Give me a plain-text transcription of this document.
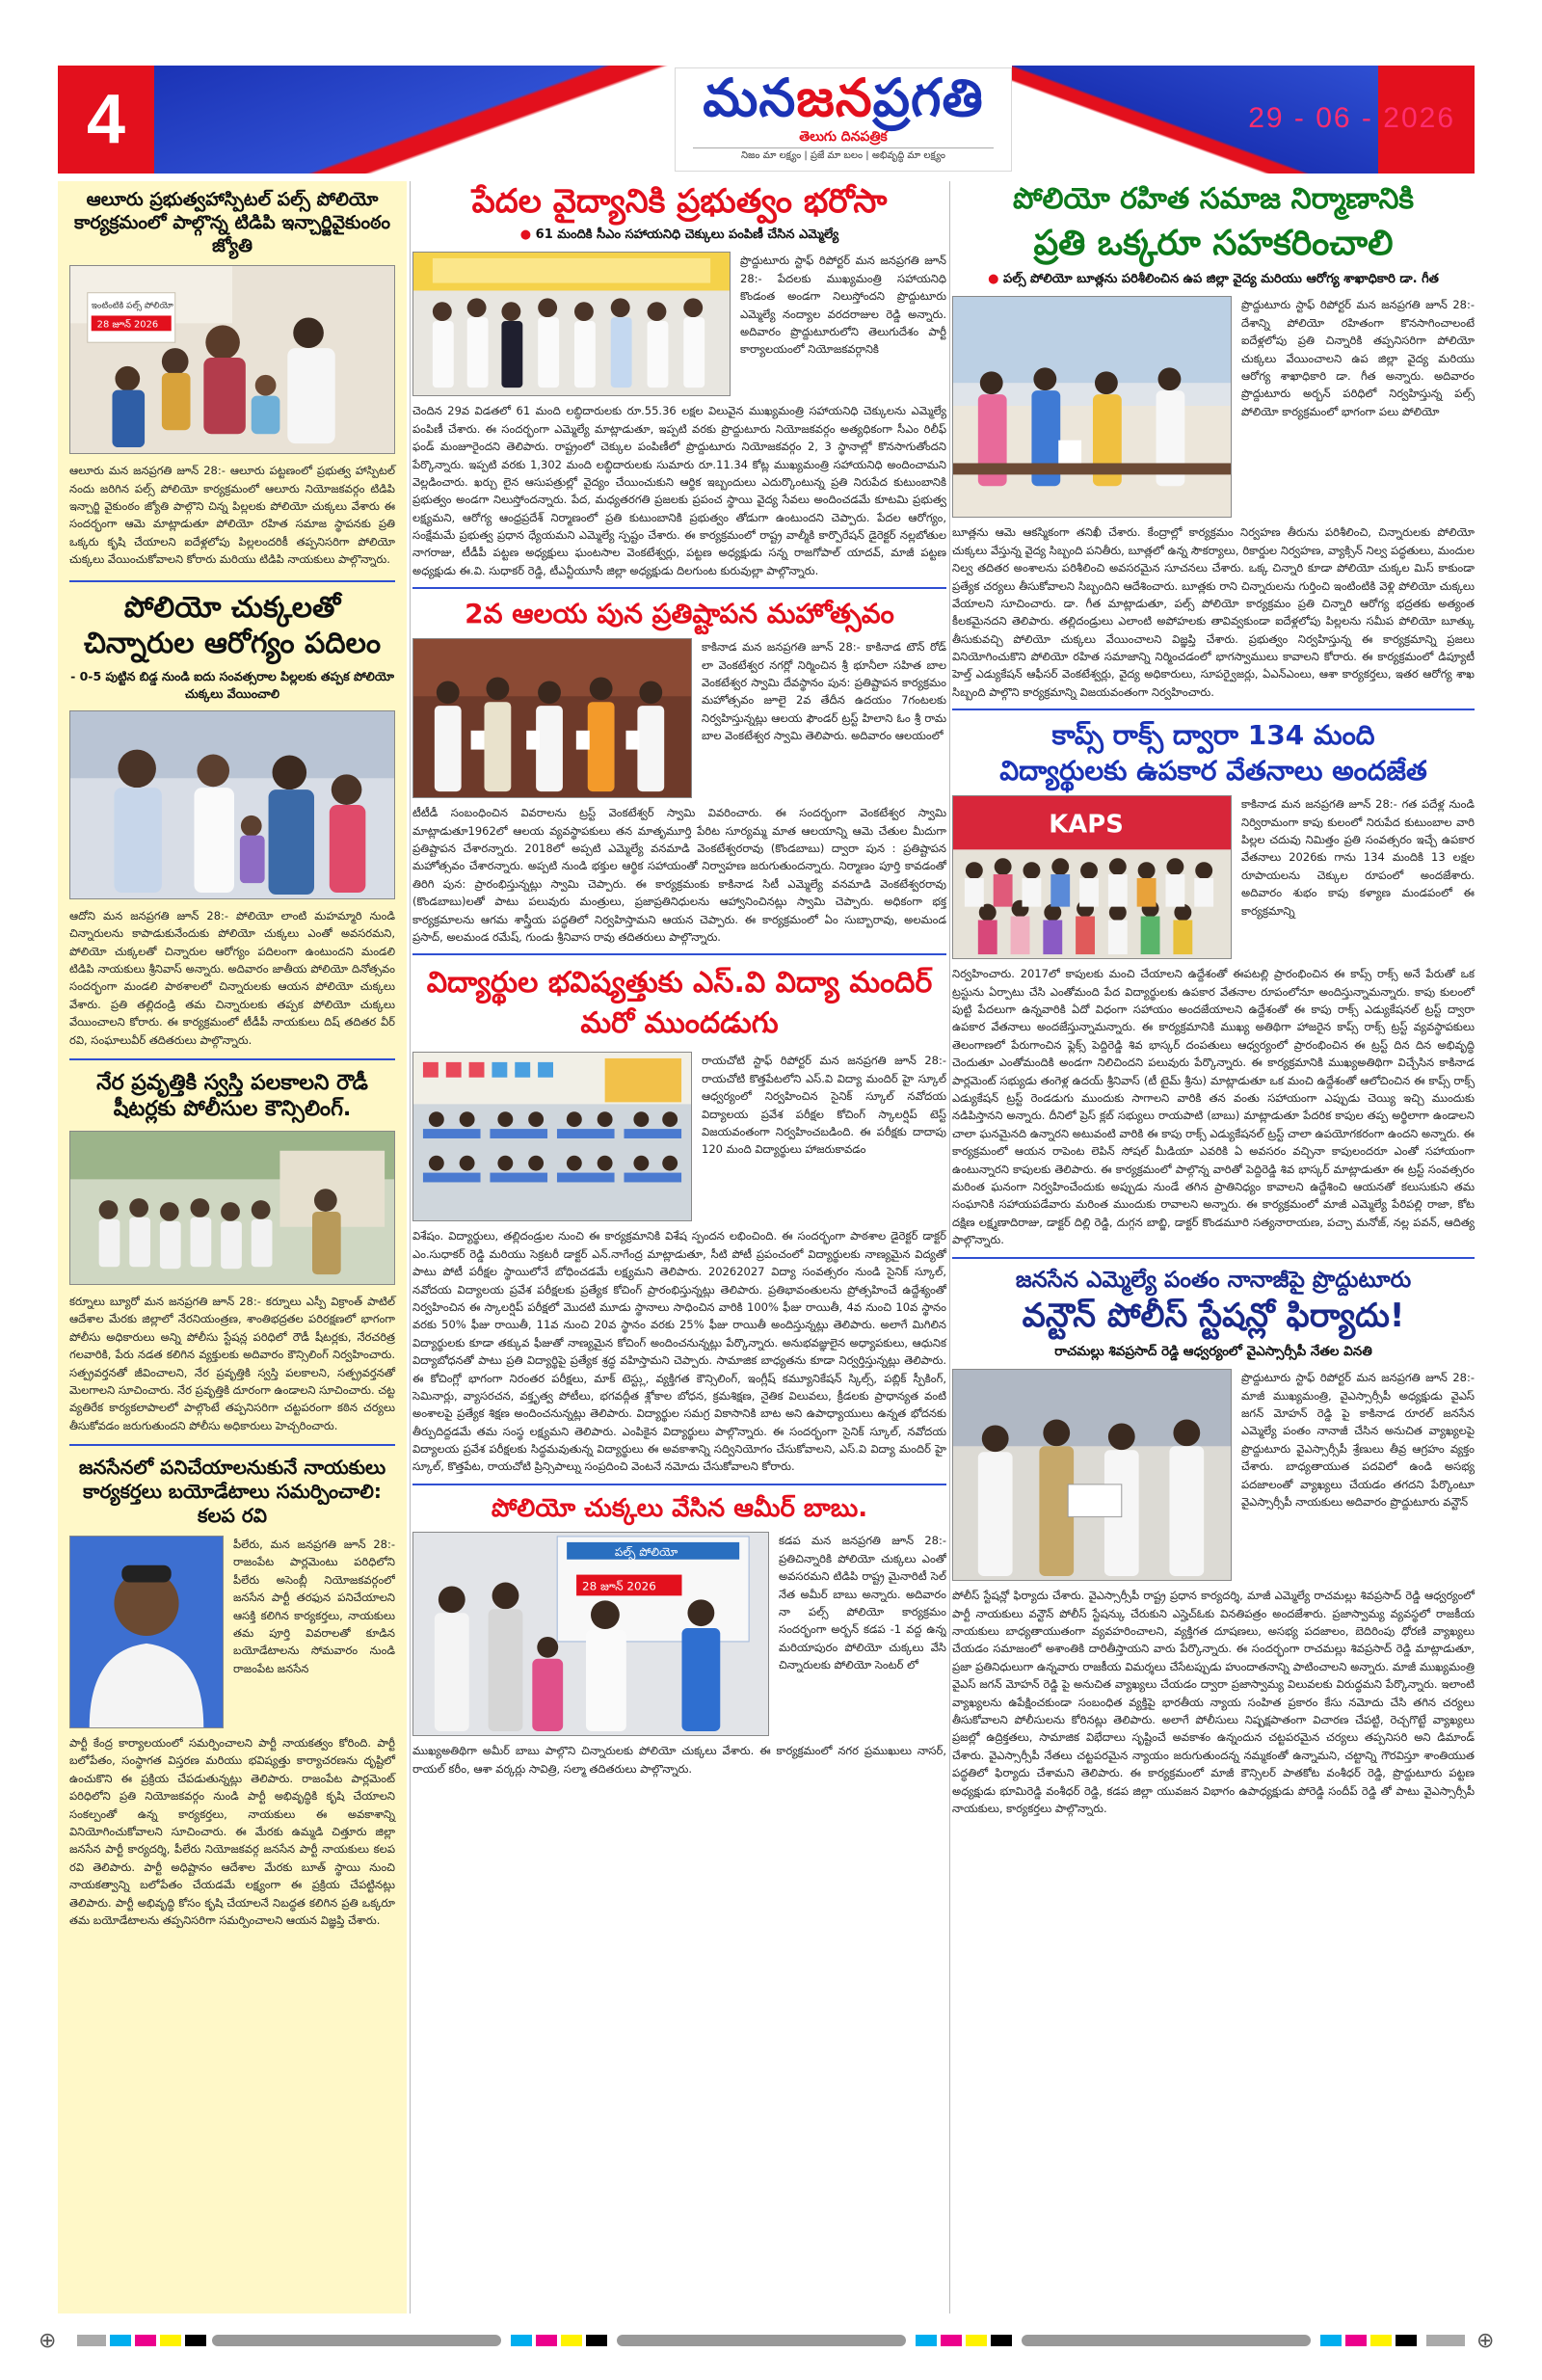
4	మనజనప్రగతి
తెలుగు దినపత్రిక
నిజం మా లక్ష్యం | ప్రజే మా బలం | అభివృద్ధి మా లక్ష్యం
29 - 06 - 2026
ఆలూరు ప్రభుత్వహాస్పిటల్ పల్స్ పోలియో కార్యక్రమంలో పాల్గొన్న టిడిపి ఇన్చార్జివైకుంఠం జ్యోతి
ఇంటింటికి పల్స్ పోలియో
28 జూన్ 2026
ఆలూరు మన జనప్రగతి జూన్ 28:- ఆలూరు పట్టణంలో ప్రభుత్వ హాస్పిటల్ నందు జరిగిన పల్స్ పోలియో కార్యక్రమంలో ఆలూరు నియోజకవర్గం టిడిపి ఇన్చార్జి వైకుంఠం జ్యోతి పాల్గొని చిన్న పిల్లలకు పోలియో చుక్కలు వేశారు ఈ సందర్భంగా ఆమె మాట్లాడుతూ పోలియో రహిత సమాజ స్థాపనకు ప్రతి ఒక్కరు కృషి చేయాలని ఐదేళ్లలోపు పిల్లలందరికీ తప్పనిసరిగా పోలియో చుక్కలు వేయించుకోవాలని కోరారు మరియు టిడిపి నాయకులు పాల్గొన్నారు.
పోలియో చుక్కలతో చిన్నారుల ఆరోగ్యం పదిలం
- 0-5 పుట్టిన బిడ్డ నుండి ఐదు సంవత్సరాల పిల్లలకు తప్పక పోలియో చుక్కలు వేయించాలి
ఆదోని మన జనప్రగతి జూన్ 28:- పోలియో లాంటి మహమ్మారి నుండి చిన్నారులను కాపాడుకునేందుకు పోలియో చుక్కలు ఎంతో అవసరమని, పోలియో చుక్కలతో చిన్నారుల ఆరోగ్యం పదిలంగా ఉంటుందని మండలి టిడిపి నాయకులు శ్రీనివాస్ అన్నారు. అదివారం జాతీయ పోలియో దినోత్సవం సందర్భంగా మండలి పాఠశాలలో చిన్నారులకు ఆయన పోలియో చుక్కలు వేశారు. ప్రతి తల్లిదండ్రి తమ చిన్నారులకు తప్పక పోలియో చుక్కలు వేయించాలని కోరారు. ఈ కార్యక్రమంలో టీడీపీ నాయకులు దిష్ తదితర వీర్ రవి, సంఘాలువీర్ తదితరులు పాల్గొన్నారు.
నేర ప్రవృత్తికి స్వస్తి పలకాలని రౌడీ షీటర్లకు పోలీసుల కౌన్సిలింగ్.
కర్నూలు బ్యూరో మన జనప్రగతి జూన్ 28:- కర్నూలు ఎస్పీ విక్రాంత్ పాటిల్ ఆదేశాల మేరకు జిల్లాలో నేరనియంత్రణ, శాంతిభద్రతల పరిరక్షణలో భాగంగా పోలీసు అధికారులు అన్ని పోలీసు స్టేషన్ల పరిధిలో రౌడీ షీటర్లకు, నేరచరిత్ర గలవారికి, పేరు నడత కలిగిన వ్యక్తులకు అదివారం కౌన్సిలింగ్ నిర్వహించారు. సత్ప్రవర్తనతో జీవించాలని, నేర ప్రవృత్తికి స్వస్తి పలకాలని, సత్ప్రవర్తనతో మెలగాలని సూచించారు. నేర ప్రవృత్తికి దూరంగా ఉండాలని సూచించారు. చట్ట వ్యతిరేక కార్యకలాపాలలో పాల్గొంటే తప్పనిసరిగా చట్టపరంగా కఠిన చర్యలు తీసుకోవడం జరుగుతుందని పోలీసు అధికారులు హెచ్చరించారు.
జనసేనలో పనిచేయాలనుకునే నాయకులు కార్యకర్తలు బయోడేటాలు సమర్పించాలి: కలప రవి
పీలేరు, మన జనప్రగతి జూన్ 28:- రాజంపేట పార్లమెంటు పరిధిలోని పీలేరు అసెంబ్లీ నియోజకవర్గంలో జనసేన పార్టీ తరఫున పనిచేయాలని ఆసక్తి కలిగిన కార్యకర్తలు, నాయకులు తమ పూర్తి వివరాలతో కూడిన బయోడేటాలను సోమవారం నుండి రాజంపేట జనసేన
పార్టీ కేంద్ర కార్యాలయంలో సమర్పించాలని పార్టీ నాయకత్వం కోరింది. పార్టీ బలోపేతం, సంస్థాగత విస్తరణ మరియు భవిష్యత్తు కార్యాచరణను దృష్టిలో ఉంచుకొని ఈ ప్రక్రియ చేపడుతున్నట్లు తెలిపారు. రాజంపేట పార్లమెంట్ పరిధిలోని ప్రతి నియోజకవర్గం నుండి పార్టీ అభివృద్ధికి కృషి చేయాలని సంకల్పంతో ఉన్న కార్యకర్తలు, నాయకులు ఈ అవకాశాన్ని వినియోగించుకోవాలని సూచించారు. ఈ మేరకు ఉమ్మడి చిత్తూరు జిల్లా జనసేన పార్టీ కార్యదర్శి, పీలేరు నియోజకవర్గ జనసేన పార్టీ నాయకులు కలప రవి తెలిపారు. పార్టీ అధిష్టానం ఆదేశాల మేరకు బూత్ స్థాయి నుంచి నాయకత్వాన్ని బలోపేతం చేయడమే లక్ష్యంగా ఈ ప్రక్రియ చేపట్టినట్లు తెలిపారు. పార్టీ అభివృద్ధి కోసం కృషి చేయాలనే నిబద్ధత కలిగిన ప్రతి ఒక్కరూ తమ బయోడేటాలను తప్పనిసరిగా సమర్పించాలని ఆయన విజ్ఞప్తి చేశారు.
పేదల వైద్యానికి ప్రభుత్వం భరోసా
● 61 మందికి సీఎం సహాయనిధి చెక్కులు పంపిణీ చేసిన ఎమ్మెల్యే
ప్రొద్దుటూరు స్టాఫ్ రిపోర్టర్ మన జనప్రగతి జూన్ 28:- పేదలకు ముఖ్యమంత్రి సహాయనిధి కొండంత అండగా నిలుస్తోందని ప్రొద్దుటూరు ఎమ్మెల్యే నంద్యాల వరదరాజుల రెడ్డి అన్నారు. అదివారం ప్రొద్దుటూరులోని తెలుగుదేశం పార్టీ కార్యాలయంలో నియోజకవర్గానికి
చెందిన 29వ విడతలో 61 మంది లబ్ధిదారులకు రూ.55.36 లక్షల విలువైన ముఖ్యమంత్రి సహాయనిధి చెక్కులను ఎమ్మెల్యే పంపిణీ చేశారు. ఈ సందర్భంగా ఎమ్మెల్యే మాట్లాడుతూ, ఇప్పటి వరకు ప్రొద్దుటూరు నియోజకవర్గం అత్యధికంగా సీఎం రిలీఫ్ ఫండ్ మంజూరైందని తెలిపారు. రాష్ట్రంలో చెక్కుల పంపిణీలో ప్రొద్దుటూరు నియోజకవర్గం 2, 3 స్థానాల్లో కొనసాగుతోందని పేర్కొన్నారు. ఇప్పటి వరకు 1,302 మంది లబ్ధిదారులకు సుమారు రూ.11.34 కోట్ల ముఖ్యమంత్రి సహాయనిధి అందించామని వెల్లడించారు. ఖర్చు లైన ఆసుపత్రుల్లో వైద్యం చేయించుకుని ఆర్థిక ఇబ్బందులు ఎదుర్కొంటున్న ప్రతి నిరుపేద కుటుంబానికి ప్రభుత్వం అండగా నిలుస్తోందన్నారు. పేద, మధ్యతరగతి ప్రజలకు ప్రపంచ స్థాయి వైద్య సేవలు అందించడమే కూటమి ప్రభుత్వ లక్ష్యమని, ఆరోగ్య ఆంధ్రప్రదేశ్ నిర్మాణంలో ప్రతి కుటుంబానికి ప్రభుత్వం తోడుగా ఉంటుందని చెప్పారు. పేదల ఆరోగ్యం, సంక్షేమమే ప్రభుత్వ ప్రధాన ధ్యేయమని ఎమ్మెల్యే స్పష్టం చేశారు. ఈ కార్యక్రమంలో రాష్ట్ర వాల్మీకి కార్పొరేషన్ డైరెక్టర్ నల్లబోతుల నాగరాజు, టీడీపీ పట్టణ అధ్యక్షులు ఘంటసాల వెంకటేశ్వర్లు, పట్టణ అధ్యక్షుడు సన్న రాజగోపాల్ యాదవ్, మాజీ పట్టణ అధ్యక్షుడు ఈ.వి. సుధాకర్ రెడ్డి, టీఎన్టీయూసీ జిల్లా అధ్యక్షుడు దిలగుంట కురువుల్లా పాల్గొన్నారు.
2వ ఆలయ పున ప్రతిష్టాపన మహోత్సవం
కాకినాడ మన జనప్రగతి జూన్ 28:- కాకినాడ టౌన్ రోడ్ లా వెంకటేశ్వర నగర్లో నిర్మించిన శ్రీ భూనీలా సహిత బాల వెంకటేశ్వర స్వామి దేవస్థానం పున: ప్రతిష్టాపన కార్యక్రమం మహోత్సవం జూలై 2వ తేదీన ఉదయం 7గంటలకు నిర్వహిస్తున్నట్లు ఆలయ ఫౌండర్ ట్రస్ట్ హిలాని ఓం శ్రీ రామ బాల వెంకటేశ్వర స్వామి తెలిపారు. అదివారం ఆలయంలో
టీటీడీ సంబంధించిన వివరాలను ట్రస్ట్ వెంకటేశ్వర్ స్వామి వివరించారు. ఈ సందర్భంగా వెంకటేశ్వర స్వామి మాట్లాడుతూ1962లో ఆలయ వ్యవస్థాపకులు తన మాతృమూర్తి పేరిట సూర్యమ్మ మాత ఆలయాన్ని ఆమె చేతుల మీదుగా ప్రతిష్టాపన చేశారన్నారు. 2018లో అప్పటి ఎమ్మెల్యే వనమాడి వెంకటేశ్వరరావు (కొండబాబు) ద్వారా పున : ప్రతిష్టాపన మహోత్సవం చేశారన్నారు. అప్పటి నుండి భక్తుల ఆర్థిక సహాయంతో నిర్వాహణ జరుగుతుందన్నారు. నిర్మాణం పూర్తి కావడంతో తిరిగి పున: ప్రారంభిస్తున్నట్లు స్వామి చెప్పారు. ఈ కార్యక్రమంకు కాకినాడ సిటీ ఎమ్మెల్యే వనమాడి వెంకటేశ్వరరావు (కొండబాబు)లతో పాటు పలువురు మంత్రులు, ప్రజాప్రతినిధులను ఆహ్వానించినట్లు స్వామి చెప్పారు. అధికంగా భక్త కార్యక్రమాలను ఆగమ శాస్త్రీయ పద్ధతిలో నిర్వహిస్తామని ఆయన చెప్పారు. ఈ కార్యక్రమంలో ఏం సుబ్బారావు, అలమండ ప్రసాద్, అలమండ రమేష్, గుండు శ్రీనివాస రావు తదితరులు పాల్గొన్నారు.
విద్యార్థుల భవిష్యత్తుకు ఎస్.వి విద్యా మందిర్ మరో ముందడుగు
రాయచోటి స్టాఫ్ రిపోర్టర్ మన జనప్రగతి జూన్ 28:- రాయచోటి కొత్తపేటలోని ఎస్.వి విద్యా మందిర్ హై స్కూల్ ఆధ్వర్యంలో నిర్వహించిన సైనిక్ స్కూల్ నవోదయ విద్యాలయ ప్రవేశ పరీక్షల కోచింగ్ స్కాలర్షిప్ టెస్ట్ విజయవంతంగా నిర్వహించబడింది. ఈ పరీక్షకు దాదాపు 120 మంది విద్యార్థులు హాజరుకావడం
విశేషం. విద్యార్థులు, తల్లిదండ్రుల నుంచి ఈ కార్యక్రమానికి విశేష స్పందన లభించింది. ఈ సందర్భంగా పాఠశాల డైరెక్టర్ డాక్టర్ ఎం.సుధాకర్ రెడ్డి మరియు సెక్రటరీ డాక్టర్ ఎన్.నాగేంద్ర మాట్లాడుతూ, సీటి పోటీ ప్రపంచంలో విద్యార్థులకు నాణ్యమైన విద్యతో పాటు పోటీ పరీక్షల స్థాయిలోనే బోధించడమే లక్ష్యమని తెలిపారు. 20262027 విద్యా సంవత్సరం నుండి సైనిక్ స్కూల్, నవోదయ విద్యాలయ ప్రవేశ పరీక్షలకు ప్రత్యేక కోచింగ్ ప్రారంభిస్తున్నట్లు తెలిపారు. ప్రతిభావంతులను ప్రోత్సహించే ఉద్దేశ్యంతో నిర్వహించిన ఈ స్కాలర్షిప్ పరీక్షలో మొదటి మూడు స్థానాలు సాధించిన వారికి 100% ఫీజు రాయితీ, 4వ నుంచి 10వ స్థానం వరకు 50% ఫీజు రాయితీ, 11వ నుంచి 20వ స్థానం వరకు 25% ఫీజు రాయితీ అందిస్తున్నట్లు తెలిపారు. అలాగే మిగిలిన విద్యార్థులకు కూడా తక్కువ ఫీజుతో నాణ్యమైన కోచింగ్ అందించనున్నట్లు పేర్కొన్నారు. అనుభవజ్ఞులైన అధ్యాపకులు, ఆధునిక విద్యాబోధనతో పాటు ప్రతి విద్యార్థిపై ప్రత్యేక శ్రద్ధ వహిస్తామని చెప్పారు. సామాజిక బాధ్యతను కూడా నిర్వర్తిస్తున్నట్లు తెలిపారు. ఈ కోచింగ్లో భాగంగా నిరంతర పరీక్షలు, మాక్ టెస్ట్లు, వ్యక్తిగత కౌన్సిలింగ్, ఇంగ్లీష్ కమ్యూనికేషన్ స్కిల్స్, పబ్లిక్ స్పీకింగ్, సెమినార్లు, వ్యాసరచన, వక్తృత్వ పోటీలు, భగవద్గీత శ్లోకాల బోధన, క్రమశిక్షణ, నైతిక విలువలు, క్రీడలకు ప్రాధాన్యత వంటి అంశాలపై ప్రత్యేక శిక్షణ అందించనున్నట్లు తెలిపారు. విద్యార్థుల సమగ్ర వికాసానికి బాట అని ఉపాధ్యాయులు ఉన్నత భోదనకు తీర్పుదిద్దడమే తమ సంస్థ లక్ష్యమని తెలిపారు. ఎంపికైన విద్యార్థులు పాల్గొన్నారు. ఈ సందర్భంగా సైనిక్ స్కూల్, నవోదయ విద్యాలయ ప్రవేశ పరీక్షలకు సిద్ధమవుతున్న విద్యార్థులు ఈ అవకాశాన్ని సద్వినియోగం చేసుకోవాలని, ఎస్.వి విద్యా మందిర్ హై స్కూల్, కొత్తపేట, రాయచోటి ప్రిన్సిపాల్ను సంప్రదించి వెంటనే నమోదు చేసుకోవాలని కోరారు.
పోలియో చుక్కలు వేసిన ఆమీర్ బాబు.
పల్స్ పోలియో
28 జూన్ 2026
కడప మన జనప్రగతి జూన్ 28:- ప్రతిచిన్నారికి పోలియో చుక్కలు ఎంతో అవసరమని టిడిపి రాష్ట్ర మైనారిటీ సెల్ నేత అమీర్ బాబు అన్నారు. అదివారం నా పల్స్ పోలియో కార్యక్రమం సందర్భంగా అర్బన్ కడప -1 వద్ద ఉన్న మరియాపురం పోలియో చుక్కలు వేసి చిన్నారులకు పోలియో సెంటర్ లో
ముఖ్యఅతిథిగా అమీర్ బాబు పాల్గొని చిన్నారులకు పోలియో చుక్కలు వేశారు. ఈ కార్యక్రమంలో నగర ప్రముఖులు నాసర్, రాయల్ కరీం, ఆశా వర్కర్లు సావిత్రి, సల్మా తదితరులు పాల్గొన్నారు.
పోలియో రహిత సమాజ నిర్మాణానికి
ప్రతి ఒక్కరూ సహకరించాలి
● పల్స్ పోలియో బూత్లను పరిశీలించిన ఉప జిల్లా వైద్య మరియు ఆరోగ్య శాఖాధికారి డా. గీత
ప్రొద్దుటూరు స్టాఫ్ రిపోర్టర్ మన జనప్రగతి జూన్ 28:- దేశాన్ని పోలియో రహితంగా కొనసాగించాలంటే ఐదేళ్లలోపు ప్రతి చిన్నారికి తప్పనిసరిగా పోలియో చుక్కలు వేయించాలని ఉప జిల్లా వైద్య మరియు ఆరోగ్య శాఖాధికారి డా. గీత అన్నారు. అదివారం ప్రొద్దుటూరు అర్బన్ పరిధిలో నిర్వహిస్తున్న పల్స్ పోలియో కార్యక్రమంలో భాగంగా పలు పోలియో
బూత్లను ఆమె ఆకస్మికంగా తనిఖీ చేశారు. కేంద్రాల్లో కార్యక్రమం నిర్వహణ తీరును పరిశీలించి, చిన్నారులకు పోలియో చుక్కలు వేస్తున్న వైద్య సిబ్బంది పనితీరు, బూత్లలో ఉన్న సౌకర్యాలు, రికార్డుల నిర్వహణ, వ్యాక్సిన్ నిల్వ పద్ధతులు, మందుల నిల్వ తదితర అంశాలను పరిశీలించి అవసరమైన సూచనలు చేశారు. ఒక్క చిన్నారి కూడా పోలియో చుక్కల మిస్ కాకుండా ప్రత్యేక చర్యలు తీసుకోవాలని సిబ్బందిని ఆదేశించారు. బూత్లకు రాని చిన్నారులను గుర్తించి ఇంటింటికి వెళ్లి పోలియో చుక్కలు వేయాలని సూచించారు. డా. గీత మాట్లాడుతూ, పల్స్ పోలియో కార్యక్రమం ప్రతి చిన్నారి ఆరోగ్య భద్రతకు అత్యంత కీలకమైనదని తెలిపారు. తల్లిదండ్రులు ఎలాంటి అపోహలకు తావివ్వకుండా ఐదేళ్లలోపు పిల్లలను సమీప పోలియో బూత్కు తీసుకువచ్చి పోలియో చుక్కలు వేయించాలని విజ్ఞప్తి చేశారు. ప్రభుత్వం నిర్వహిస్తున్న ఈ కార్యక్రమాన్ని ప్రజలు వినియోగించుకొని పోలియో రహిత సమాజాన్ని నిర్మించడంలో భాగస్వాములు కావాలని కోరారు. ఈ కార్యక్రమంలో డిప్యూటీ హెల్త్ ఎడ్యుకేషన్ ఆఫీసర్ వెంకటేశ్వర్లు, వైద్య అధికారులు, సూపర్వైజర్లు, ఏఎన్ఎంలు, ఆశా కార్యకర్తలు, ఇతర ఆరోగ్య శాఖ సిబ్బంది పాల్గొని కార్యక్రమాన్ని విజయవంతంగా నిర్వహించారు.
కాప్స్ రాక్స్ ద్వారా 134 మంది
విద్యార్థులకు ఉపకార వేతనాలు అందజేత
KAPS
కాకినాడ మన జనప్రగతి జూన్ 28:- గత పదేళ్ల నుండి నిర్విరామంగా కాపు కులంలో నిరుపేద కుటుంబాల వారి పిల్లల చదువు నిమిత్తం ప్రతి సంవత్సరం ఇచ్చే ఉపకార వేతనాలు 2026కు గాను 134 మందికి 13 లక్షల రూపాయలను చెక్కుల రూపంలో అందజేశారు. అదివారం శుభం కాపు కళ్యాణ మండపంలో ఈ కార్యక్రమాన్ని
నిర్వహించారు. 2017లో కాపులకు మంచి చేయాలని ఉద్దేశంతో ఈపటల్లి ప్రారంభించిన ఈ కాప్స్ రాక్స్ అనే పేరుతో ఒక ట్రస్టును ఏర్పాటు చేసి ఎంతోమంది పేద విద్యార్థులకు ఉపకార వేతనాల రూపంలోనూ అందిస్తున్నామన్నారు. కాపు కులంలో పుట్టి పేదలుగా ఉన్నవారికి ఏదో విధంగా సహాయం అందజేయాలని ఉద్దేశంతో ఈ కాపు రాక్స్ ఎడ్యుకేషనల్ ట్రస్ట్ ద్వారా ఉపకార వేతనాలు అందజేస్తున్నామన్నారు. ఈ కార్యక్రమానికి ముఖ్య అతిథిగా హాజరైన కాప్స్ రాక్స్ ట్రస్ట్ వ్యవస్థాపకులు తెలంగాణలో పేరుగాంచిన ఫ్లెక్స్ పెద్దిరెడ్డి శివ భాస్కర్ దంపతులు ఆధ్వర్యంలో ప్రారంభించిన ఈ ట్రస్ట్ దిన దిన అభివృద్ధి చెందుతూ ఎంతోమందికి అండగా నిలిచిందని పలువురు పేర్కొన్నారు. ఈ కార్యక్రమానికి ముఖ్యఅతిథిగా విచ్చేసిన కాకినాడ పార్లమెంట్ సభ్యుడు తంగెళ్ల ఉదయ్ శ్రీనివాస్ (టీ టైమ్ శ్రీను) మాట్లాడుతూ ఒక మంచి ఉద్దేశంతో ఆలోచించిన ఈ కాప్స్ రాక్స్ ఎడ్యుకేషన్ ట్రస్ట్ రెండడుగు ముందుకు సాగాలని వారికి తన వంతు సహాయంగా ఎప్పుడు చెయ్యి ఇచ్చి ముందుకు నడిపిస్తానని అన్నారు. దీనిలో ప్రెస్ క్లబ్ సభ్యులు రాయపాటి (బాబు) మాట్లాడుతూ పేదరిక కాపుల తప్ప అర్థిలాగా ఉండాలని చాలా ఘనమైనది ఉన్నారని అటువంటి వారికి ఈ కాపు రాక్స్ ఎడ్యుకేషనల్ ట్రస్ట్ చాలా ఉపయోగకరంగా ఉందని అన్నారు. ఈ కార్యక్రమంలో ఆయన రాపెంట లెపిన్ సోషల్ మీడియా ఎవరికి ఏ అవసరం వచ్చినా కాపులందరూ ఎంతో సహాయంగా ఉంటున్నారని కాపులకు తెలిపారు. ఈ కార్యక్రమంలో పాల్గొన్న వారితో పెద్దిరెడ్డి శివ భాస్కర్ మాట్లాడుతూ ఈ ట్రస్ట్ సంవత్సరం మరింత ఘనంగా నిర్వహించేందుకు అప్పుడు నుండే తగిన ప్రాతినిధ్యం కావాలని ఉద్దేశించి ఆయనతో కలుసుకుని తమ సంఘానికి సహాయపడేవారు మరింత ముందుకు రావాలని అన్నారు. ఈ కార్యక్రమంలో మాజీ ఎమ్మెల్యే పేరిపల్లి రాజా, కోట దక్షిణ లక్ష్మణాదిరాజు, డాక్టర్ దిల్లి రెడ్డి, దుగ్గన బాబ్జి, డాక్టర్ కొండమూరి సత్యనారాయణ, పచ్చా మనోజ్, నల్ల పవన్, ఆదిత్య పాల్గొన్నారు.
జనసేన ఎమ్మెల్యే పంతం నానాజీపై ప్రొద్దుటూరు
వన్టౌన్ పోలీస్ స్టేషన్లో ఫిర్యాదు!
రాచమల్లు శివప్రసాద్ రెడ్డి ఆధ్వర్యంలో వైఎస్సార్సీపీ నేతల వినతి
ప్రొద్దుటూరు స్టాఫ్ రిపోర్టర్ మన జనప్రగతి జూన్ 28:- మాజీ ముఖ్యమంత్రి, వైఎస్సార్సీపీ అధ్యక్షుడు వైఎస్ జగన్ మోహన్ రెడ్డి పై కాకినాడ రూరల్ జనసేన ఎమ్మెల్యే పంతం నానాజీ చేసిన అనుచిత వ్యాఖ్యలపై ప్రొద్దుటూరు వైఎస్సార్సీపీ శ్రేణులు తీవ్ర ఆగ్రహం వ్యక్తం చేశారు. బాధ్యతాయుత పదవిలో ఉండి అసభ్య పదజాలంతో వ్యాఖ్యలు చేయడం తగదని పేర్కొంటూ వైఎస్సార్సీపీ నాయకులు అదివారం ప్రొద్దుటూరు వన్టౌన్
పోలీస్ స్టేషన్లో ఫిర్యాదు చేశారు. వైఎస్సార్సీపీ రాష్ట్ర ప్రధాన కార్యదర్శి, మాజీ ఎమ్మెల్యే రాచమల్లు శివప్రసాద్ రెడ్డి ఆధ్వర్యంలో పార్టీ నాయకులు వన్టౌన్ పోలీస్ స్టేషన్కు చేరుకుని ఎస్హెచ్ఓకు వినతిపత్రం అందజేశారు. ప్రజాస్వామ్య వ్యవస్థలో రాజకీయ నాయకులు బాధ్యతాయుతంగా వ్యవహరించాలని, వ్యక్తిగత దూషణలు, అసభ్య పదజాలం, బెదిరింపు ధోరణి వ్యాఖ్యలు చేయడం సమాజంలో అశాంతికి దారితీస్తాయని వారు పేర్కొన్నారు. ఈ సందర్భంగా రాచమల్లు శివప్రసాద్ రెడ్డి మాట్లాడుతూ, ప్రజా ప్రతినిధులుగా ఉన్నవారు రాజకీయ విమర్శలు చేసేటప్పుడు హుందాతనాన్ని పాటించాలని అన్నారు. మాజీ ముఖ్యమంత్రి వైఎస్ జగన్ మోహన్ రెడ్డి పై అనుచిత వ్యాఖ్యలు చేయడం ద్వారా ప్రజాస్వామ్య విలువలకు విరుద్ధమని పేర్కొన్నారు. ఇలాంటి వ్యాఖ్యలను ఉపేక్షించకుండా సంబంధిత వ్యక్తిపై భారతీయ న్యాయ సంహిత ప్రకారం కేసు నమోదు చేసి తగిన చర్యలు తీసుకోవాలని పోలీసులను కోరినట్లు తెలిపారు. అలాగే పోలీసులు నిష్పక్షపాతంగా విచారణ చేపట్టి, రెచ్చగొట్టే వ్యాఖ్యలు ప్రజల్లో ఉద్రిక్తతలు, సామాజిక విభేదాలు సృష్టించే అవకాశం ఉన్నందున చట్టపరమైన చర్యలు తప్పనిసరి అని డిమాండ్ చేశారు. వైఎస్సార్సీపీ నేతలు చట్టపరమైన న్యాయం జరుగుతుందన్న నమ్మకంతో ఉన్నామని, చట్టాన్ని గౌరవిస్తూ శాంతియుత పద్ధతిలో ఫిర్యాదు చేశామని తెలిపారు. ఈ కార్యక్రమంలో మాజీ కౌన్సిలర్ పాతకోట వంశీధర్ రెడ్డి, ప్రొద్దుటూరు పట్టణ అధ్యక్షుడు భూమిరెడ్డి వంశీధర్ రెడ్డి, కడప జిల్లా యువజన విభాగం ఉపాధ్యక్షుడు పోరెడ్డి సందీప్ రెడ్డి తో పాటు వైఎస్సార్సీపీ నాయకులు, కార్యకర్తలు పాల్గొన్నారు.
⊕	⊕
